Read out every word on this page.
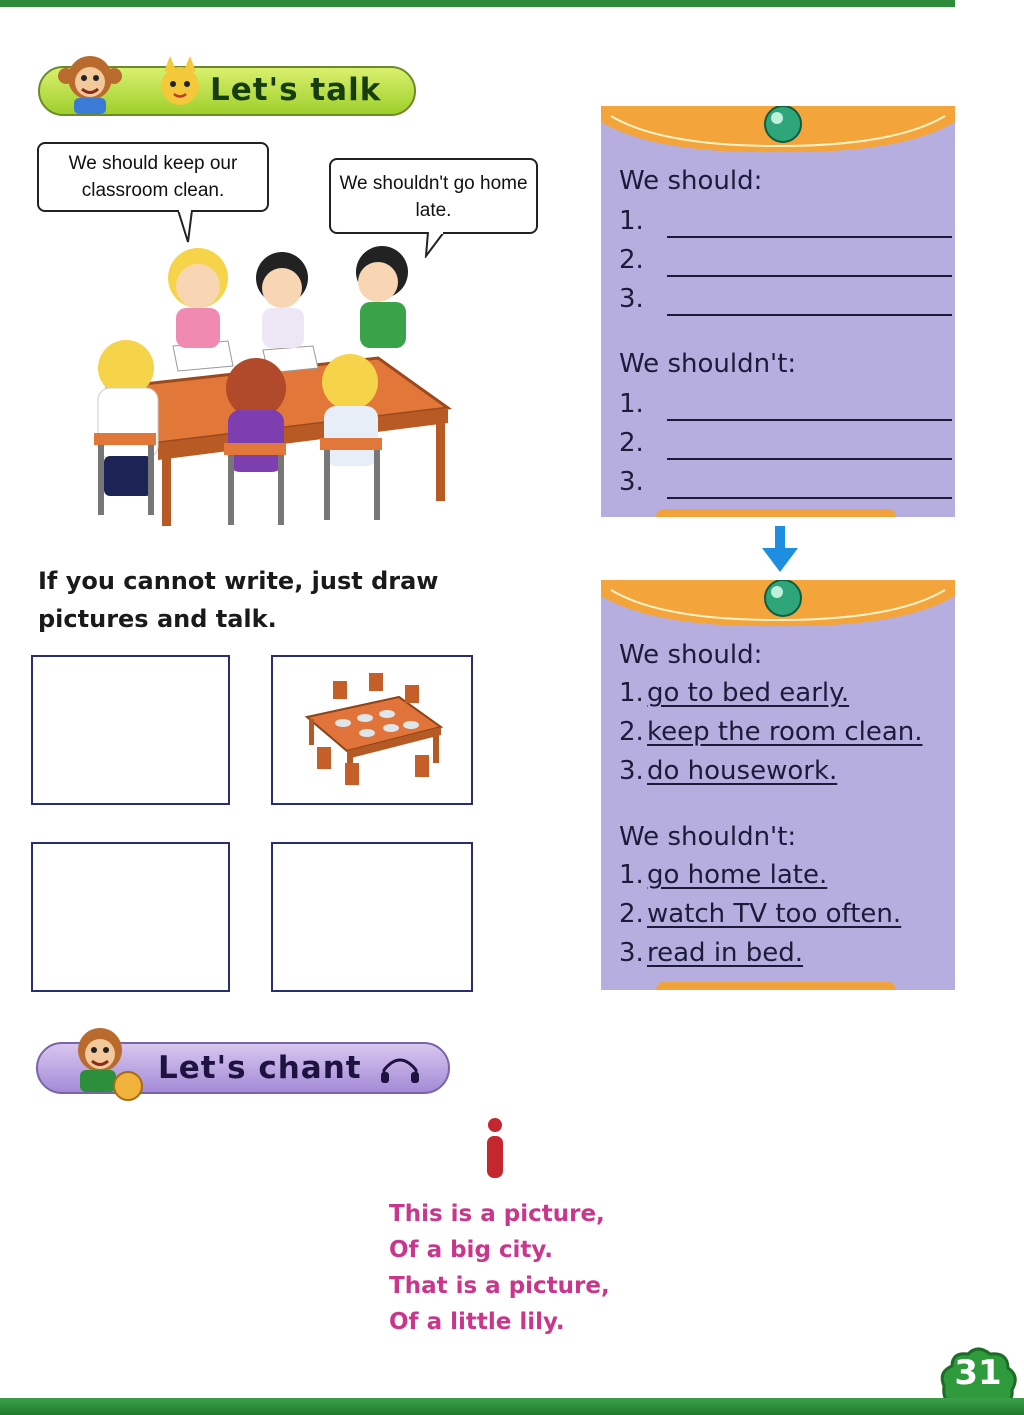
Let's talk
We should keep our classroom clean.	We shouldn't go home late.
If you cannot write, just draw pictures and talk.
We should:
1.
2.
3.
We shouldn't:
1.
2.
3.
We should:
1. go to bed early.
2. keep the room clean.
3. do housework.
We shouldn't:
1. go home late.
2. watch TV too often.
3. read in bed.
Let's chant
This is a picture,
Of a big city.
That is a picture,
Of a little lily.
31
